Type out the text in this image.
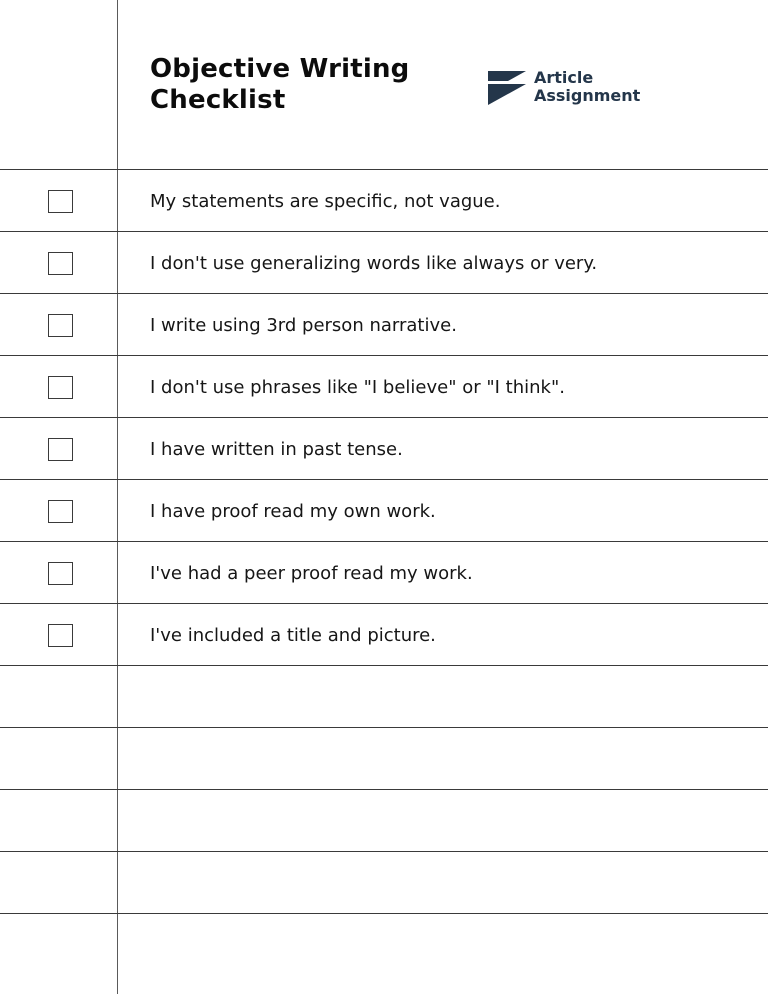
Objective Writing
Checklist
Article
Assignment
My statements are specific, not vague.
I don't use generalizing words like always or very.
I write using 3rd person narrative.
I don't use phrases like "I believe" or "I think".
I have written in past tense.
I have proof read my own work.
I've had a peer proof read my work.
I've included a title and picture.
